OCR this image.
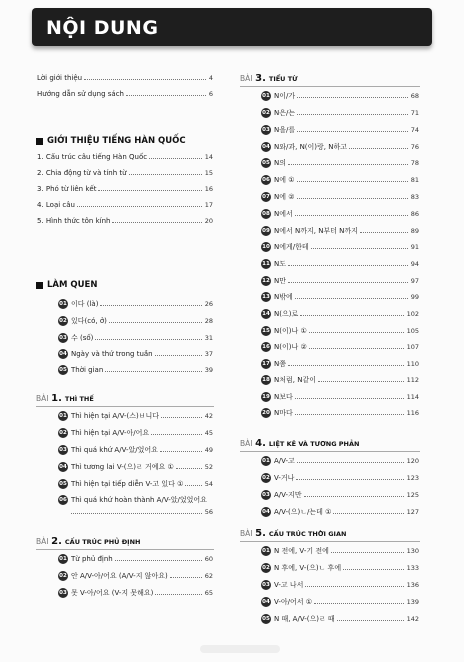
NỘI DUNG
Lời giới thiệu	4
Hướng dẫn sử dụng sách	6
GIỚI THIỆU TIẾNG HÀN QUỐC
1. Cấu trúc câu tiếng Hàn Quốc	14
2. Chia động từ và tính từ	15
3. Phó từ liên kết	16
4. Loại câu	17
5. Hình thức tôn kính	20
LÀM QUEN
01 이다 (là)	26
02 있다(có, ở)	28
03 수 (số)	31
04 Ngày và thứ trong tuần	37
05 Thời gian	39
BÀI 1. THÌ THẾ
01 Thì hiện tại A/V-(스)ㅂ니다	42
02 Thì hiện tại A/V-아/어요	45
03 Thì quá khứ A/V-았/었어요	49
04 Thì tương lai V-(으)ㄹ 거예요 ①	52
05 Thì hiện tại tiếp diễn V-고 있다 ①	54
06 Thì quá khứ hoàn thành A/V-았/었었어요
56
BÀI 2. CẤU TRÚC PHỦ ĐỊNH
01 Từ phủ định	60
02 안 A/V-아/어요 (A/V-지 않아요)	62
03 못 V-아/어요 (V-지 못해요)	65
BÀI 3. TIỂU TỪ
01 N이/가	68
02 N은/는	71
03 N을/를	74
04 N와/과, N(이)랑, N하고	76
05 N의	78
06 N에 ①	81
07 N에 ②	83
08 N에서	86
09 N에서 N까지, N부터 N까지	89
10 N에게/한테	91
11 N도	94
12 N만	97
13 N밖에	99
14 N(으)로	102
15 N(이)나 ①	105
16 N(이)나 ②	107
17 N쯤	110
18 N처럼, N같이	112
19 N보다	114
20 N마다	116
BÀI 4. LIỆT KÊ VÀ TƯƠNG PHẢN
01 A/V-고	120
02 V-거나	123
03 A/V-지만	125
04 A/V-(으)ㄴ/는데 ①	127
BÀI 5. CẤU TRÚC THỜI GIAN
01 N 전에, V-기 전에	130
02 N 후에, V-(으)ㄴ 후에	133
03 V-고 나서	136
04 V-아/어서 ①	139
05 N 때, A/V-(으)ㄹ 때	142
